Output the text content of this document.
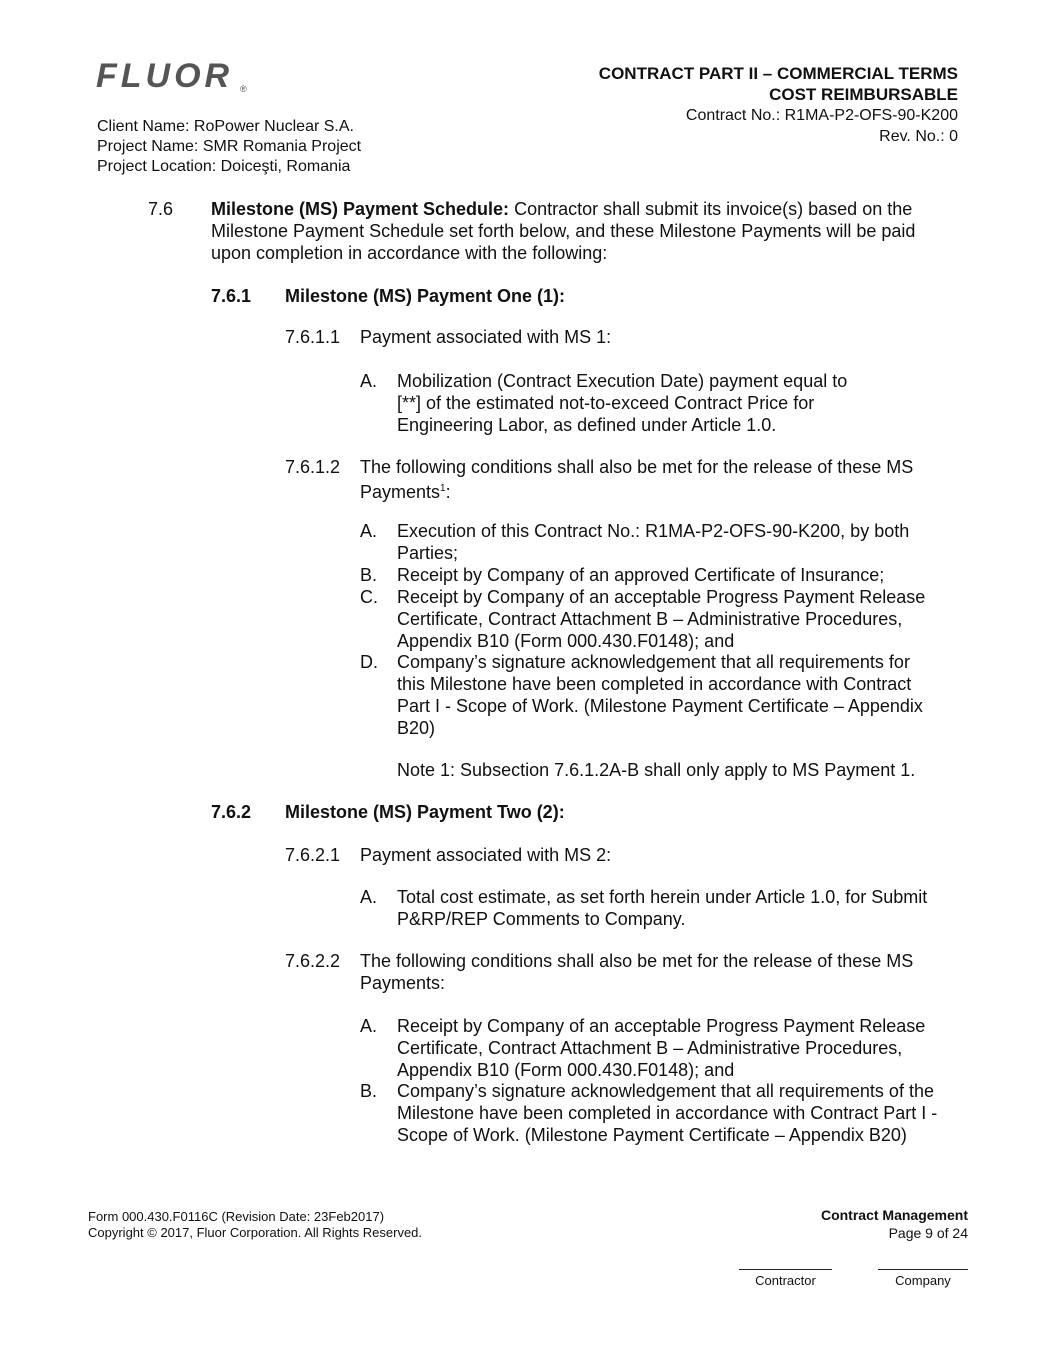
FLUOR ®
Client Name: RoPower Nuclear S.A.
Project Name: SMR Romania Project
Project Location: Doiceşti, Romania
CONTRACT PART II – COMMERCIAL TERMS
COST REIMBURSABLE
Contract No.: R1MA-P2-OFS-90-K200
Rev. No.: 0
7.6 Milestone (MS) Payment Schedule: Contractor shall submit its invoice(s) based on the
Milestone Payment Schedule set forth below, and these Milestone Payments will be paid
upon completion in accordance with the following:
7.6.1 Milestone (MS) Payment One (1):
7.6.1.1 Payment associated with MS 1:
A. Mobilization (Contract Execution Date) payment equal to
[**] of the estimated not-to-exceed Contract Price for
Engineering Labor, as defined under Article 1.0.
7.6.1.2 The following conditions shall also be met for the release of these MS
Payments$^1$:
A. Execution of this Contract No.: R1MA-P2-OFS-90-K200, by both
Parties;
B. Receipt by Company of an approved Certificate of Insurance;
C. Receipt by Company of an acceptable Progress Payment Release
Certificate, Contract Attachment B – Administrative Procedures,
Appendix B10 (Form 000.430.F0148); and
D. Company’s signature acknowledgement that all requirements for
this Milestone have been completed in accordance with Contract
Part I - Scope of Work. (Milestone Payment Certificate – Appendix
B20)
Note 1: Subsection 7.6.1.2A-B shall only apply to MS Payment 1.
7.6.2 Milestone (MS) Payment Two (2):
7.6.2.1 Payment associated with MS 2:
A. Total cost estimate, as set forth herein under Article 1.0, for Submit
P&RP/REP Comments to Company.
7.6.2.2 The following conditions shall also be met for the release of these MS
Payments:
A. Receipt by Company of an acceptable Progress Payment Release
Certificate, Contract Attachment B – Administrative Procedures,
Appendix B10 (Form 000.430.F0148); and
B. Company’s signature acknowledgement that all requirements of the
Milestone have been completed in accordance with Contract Part I -
Scope of Work. (Milestone Payment Certificate – Appendix B20)
Form 000.430.F0116C (Revision Date: 23Feb2017)
Copyright © 2017, Fluor Corporation. All Rights Reserved.
Contract Management
Page 9 of 24
Contractor	Company
